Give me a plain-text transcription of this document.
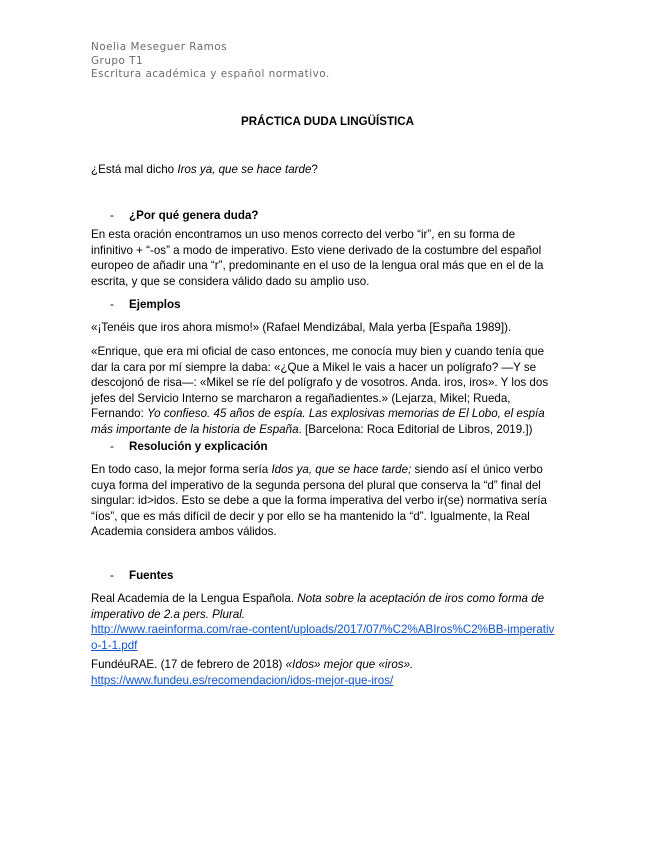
Noelia Meseguer Ramos
Grupo T1
Escritura académica y español normativo.
PRÁCTICA DUDA LINGÜÍSTICA
¿Está mal dicho Iros ya, que se hace tarde?
- ¿Por qué genera duda?
En esta oración encontramos un uso menos correcto del verbo “ir”, en su forma de
infinitivo + “-os” a modo de imperativo. Esto viene derivado de la costumbre del español
europeo de añadir una “r”, predominante en el uso de la lengua oral más que en el de la
escrita, y que se considera válido dado su amplio uso.
- Ejemplos
«¡Tenéis que iros ahora mismo!» (Rafael Mendizábal, Mala yerba [España 1989]).
«Enrique, que era mi oficial de caso entonces, me conocía muy bien y cuando tenía que
dar la cara por mí siempre la daba: «¿Que a Mikel le vais a hacer un polígrafo? —Y se
descojonó de risa—: «Mikel se ríe del polígrafo y de vosotros. Anda. iros, iros». Y los dos
jefes del Servicio Interno se marcharon a regañadientes.» (Lejarza, Mikel; Rueda,
Fernando: Yo confieso. 45 años de espía. Las explosivas memorias de El Lobo, el espía
más importante de la historia de España. [Barcelona: Roca Editorial de Libros, 2019.])
- Resolución y explicación
En todo caso, la mejor forma sería Idos ya, que se hace tarde; siendo así el único verbo
cuya forma del imperativo de la segunda persona del plural que conserva la “d” final del
singular: id>idos. Esto se debe a que la forma imperativa del verbo ir(se) normativa sería
“íos”, que es más difícil de decir y por ello se ha mantenido la “d”. Igualmente, la Real
Academia considera ambos válidos.
- Fuentes
Real Academia de la Lengua Española. Nota sobre la aceptación de iros como forma de
imperativo de 2.a pers. Plural.
http://www.raeinforma.com/rae-content/uploads/2017/07/%C2%ABIros%C2%BB-imperativ
o-1-1.pdf
FundéuRAE. (17 de febrero de 2018) «Idos» mejor que «iros».
https://www.fundeu.es/recomendacion/idos-mejor-que-iros/
